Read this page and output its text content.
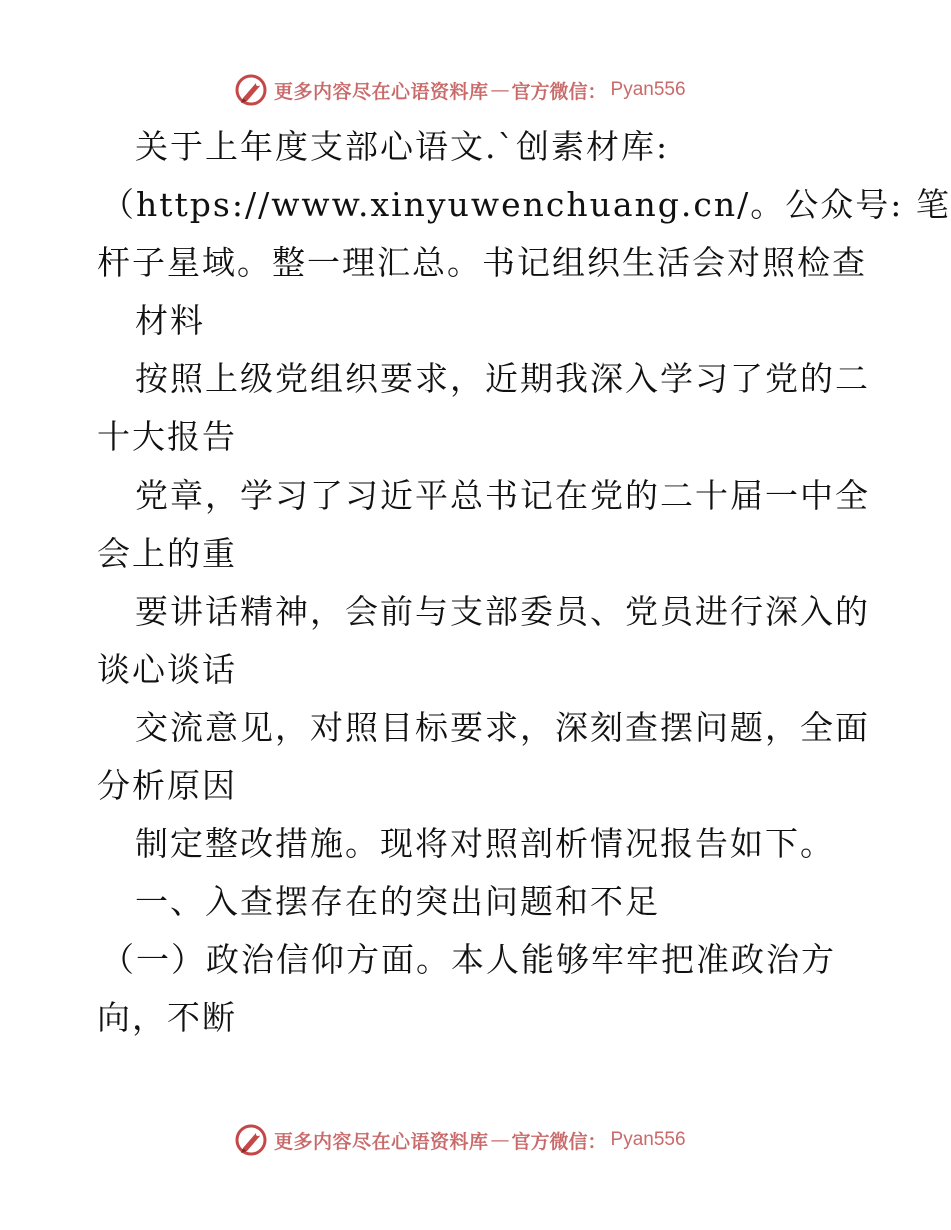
更多内容尽在心语资料库 — 官方微信： Pyan556
关于上年度支部心语文.`创素材库:
（https://www.xinyuwenchuang.cn/。公众号: 笔
杆子星域。整一理汇总。书记组织生活会对照检查
材料
按照上级党组织要求，近期我深入学习了党的二
十大报告
党章，学习了习近平总书记在党的二十届一中全
会上的重
要讲话精神，会前与支部委员、党员进行深入的
谈心谈话
交流意见，对照目标要求，深刻查摆问题，全面
分析原因
制定整改措施。现将对照剖析情况报告如下。
一、入查摆存在的突出问题和不足
（一）政治信仰方面。本人能够牢牢把准政治方
向，不断
更多内容尽在心语资料库 — 官方微信： Pyan556
